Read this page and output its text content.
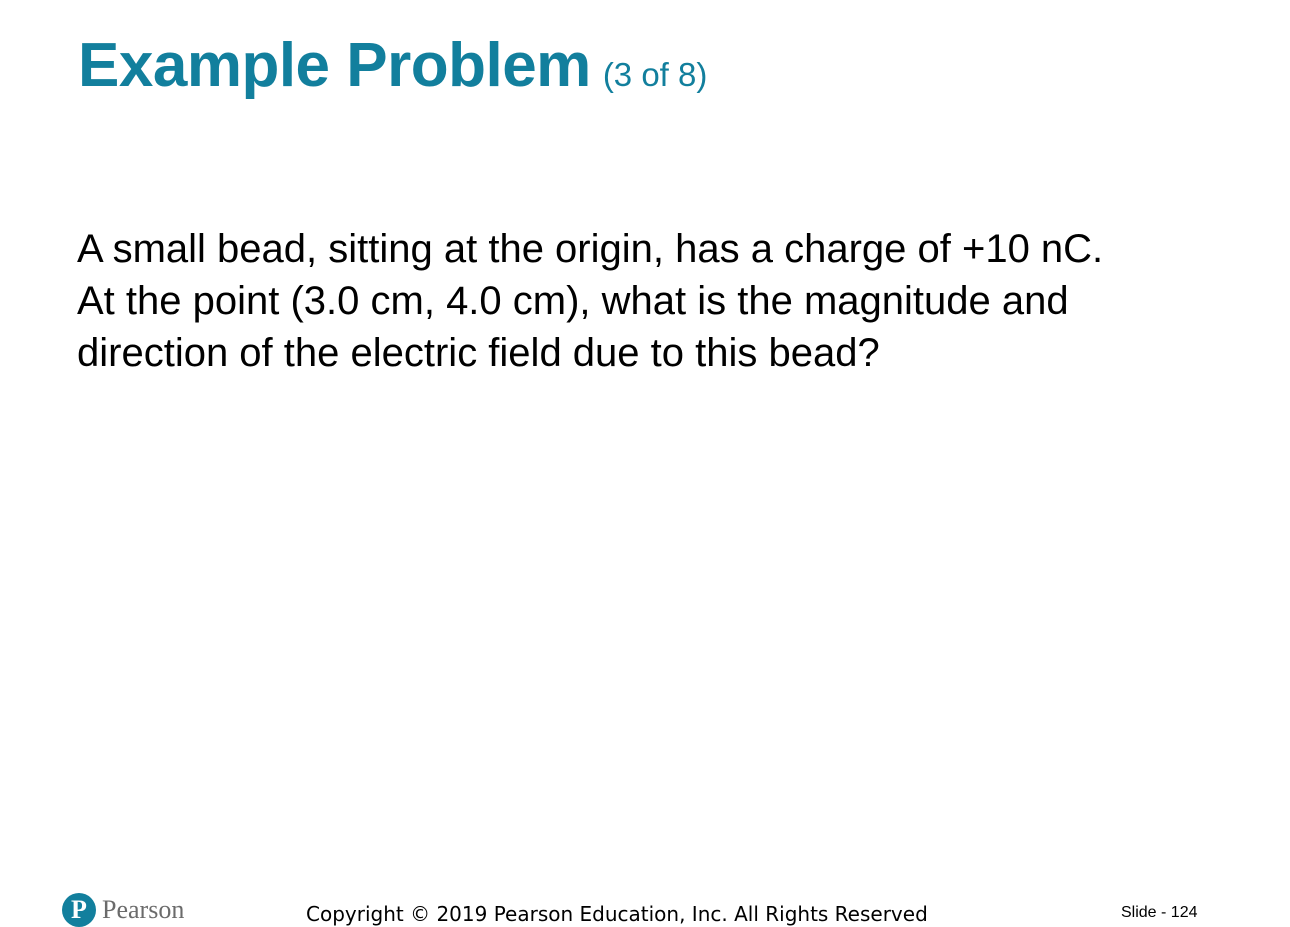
Example Problem (3 of 8)

A small bead, sitting at the origin, has a charge of +10 nC.
At the point (3.0 cm, 4.0 cm), what is the magnitude and
direction of the electric field due to this bead?

P Pearson	Copyright © 2019 Pearson Education, Inc. All Rights Reserved	Slide - 124
